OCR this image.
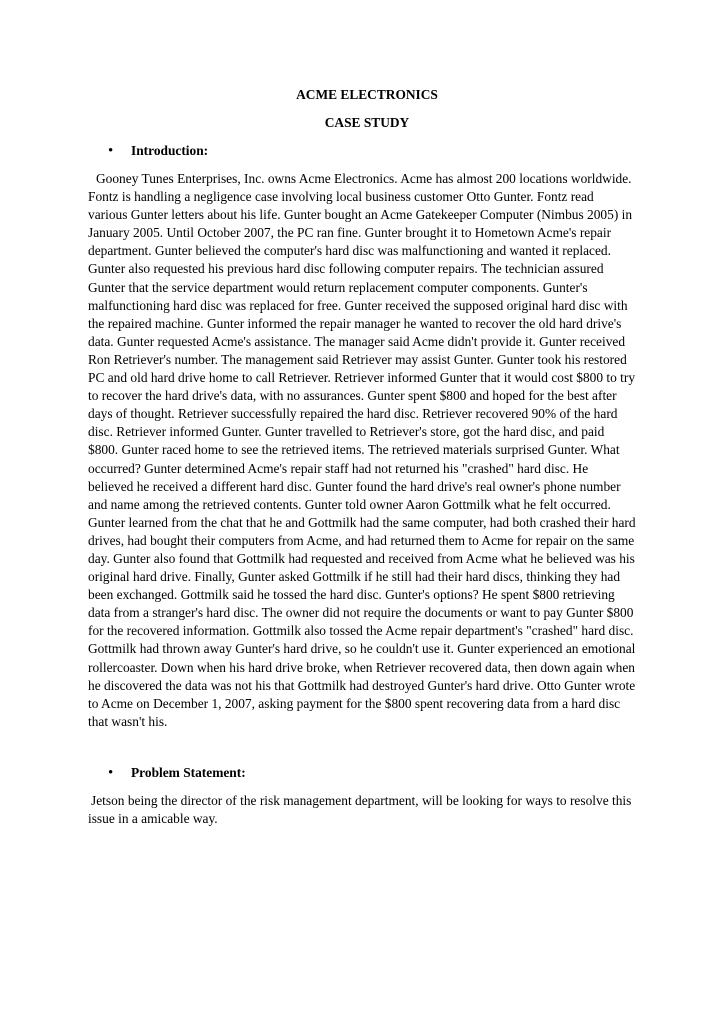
ACME ELECTRONICS

CASE STUDY

• Introduction:

Gooney Tunes Enterprises, Inc. owns Acme Electronics. Acme has almost 200 locations worldwide. Fontz is handling a negligence case involving local business customer Otto Gunter. Fontz read various Gunter letters about his life. Gunter bought an Acme Gatekeeper Computer (Nimbus 2005) in January 2005. Until October 2007, the PC ran fine. Gunter brought it to Hometown Acme's repair department. Gunter believed the computer's hard disc was malfunctioning and wanted it replaced. Gunter also requested his previous hard disc following computer repairs. The technician assured Gunter that the service department would return replacement computer components. Gunter's malfunctioning hard disc was replaced for free. Gunter received the supposed original hard disc with the repaired machine. Gunter informed the repair manager he wanted to recover the old hard drive's data. Gunter requested Acme's assistance. The manager said Acme didn't provide it. Gunter received Ron Retriever's number. The management said Retriever may assist Gunter. Gunter took his restored PC and old hard drive home to call Retriever. Retriever informed Gunter that it would cost $800 to try to recover the hard drive's data, with no assurances. Gunter spent $800 and hoped for the best after days of thought. Retriever successfully repaired the hard disc. Retriever recovered 90% of the hard disc. Retriever informed Gunter. Gunter travelled to Retriever's store, got the hard disc, and paid $800. Gunter raced home to see the retrieved items. The retrieved materials surprised Gunter. What occurred? Gunter determined Acme's repair staff had not returned his "crashed" hard disc. He believed he received a different hard disc. Gunter found the hard drive's real owner's phone number and name among the retrieved contents. Gunter told owner Aaron Gottmilk what he felt occurred. Gunter learned from the chat that he and Gottmilk had the same computer, had both crashed their hard drives, had bought their computers from Acme, and had returned them to Acme for repair on the same day. Gunter also found that Gottmilk had requested and received from Acme what he believed was his original hard drive. Finally, Gunter asked Gottmilk if he still had their hard discs, thinking they had been exchanged. Gottmilk said he tossed the hard disc. Gunter's options? He spent $800 retrieving data from a stranger's hard disc. The owner did not require the documents or want to pay Gunter $800 for the recovered information. Gottmilk also tossed the Acme repair department's "crashed" hard disc. Gottmilk had thrown away Gunter's hard drive, so he couldn't use it. Gunter experienced an emotional rollercoaster. Down when his hard drive broke, when Retriever recovered data, then down again when he discovered the data was not his that Gottmilk had destroyed Gunter's hard drive. Otto Gunter wrote to Acme on December 1, 2007, asking payment for the $800 spent recovering data from a hard disc that wasn't his.

• Problem Statement:

Jetson being the director of the risk management department, will be looking for ways to resolve this issue in a amicable way.
